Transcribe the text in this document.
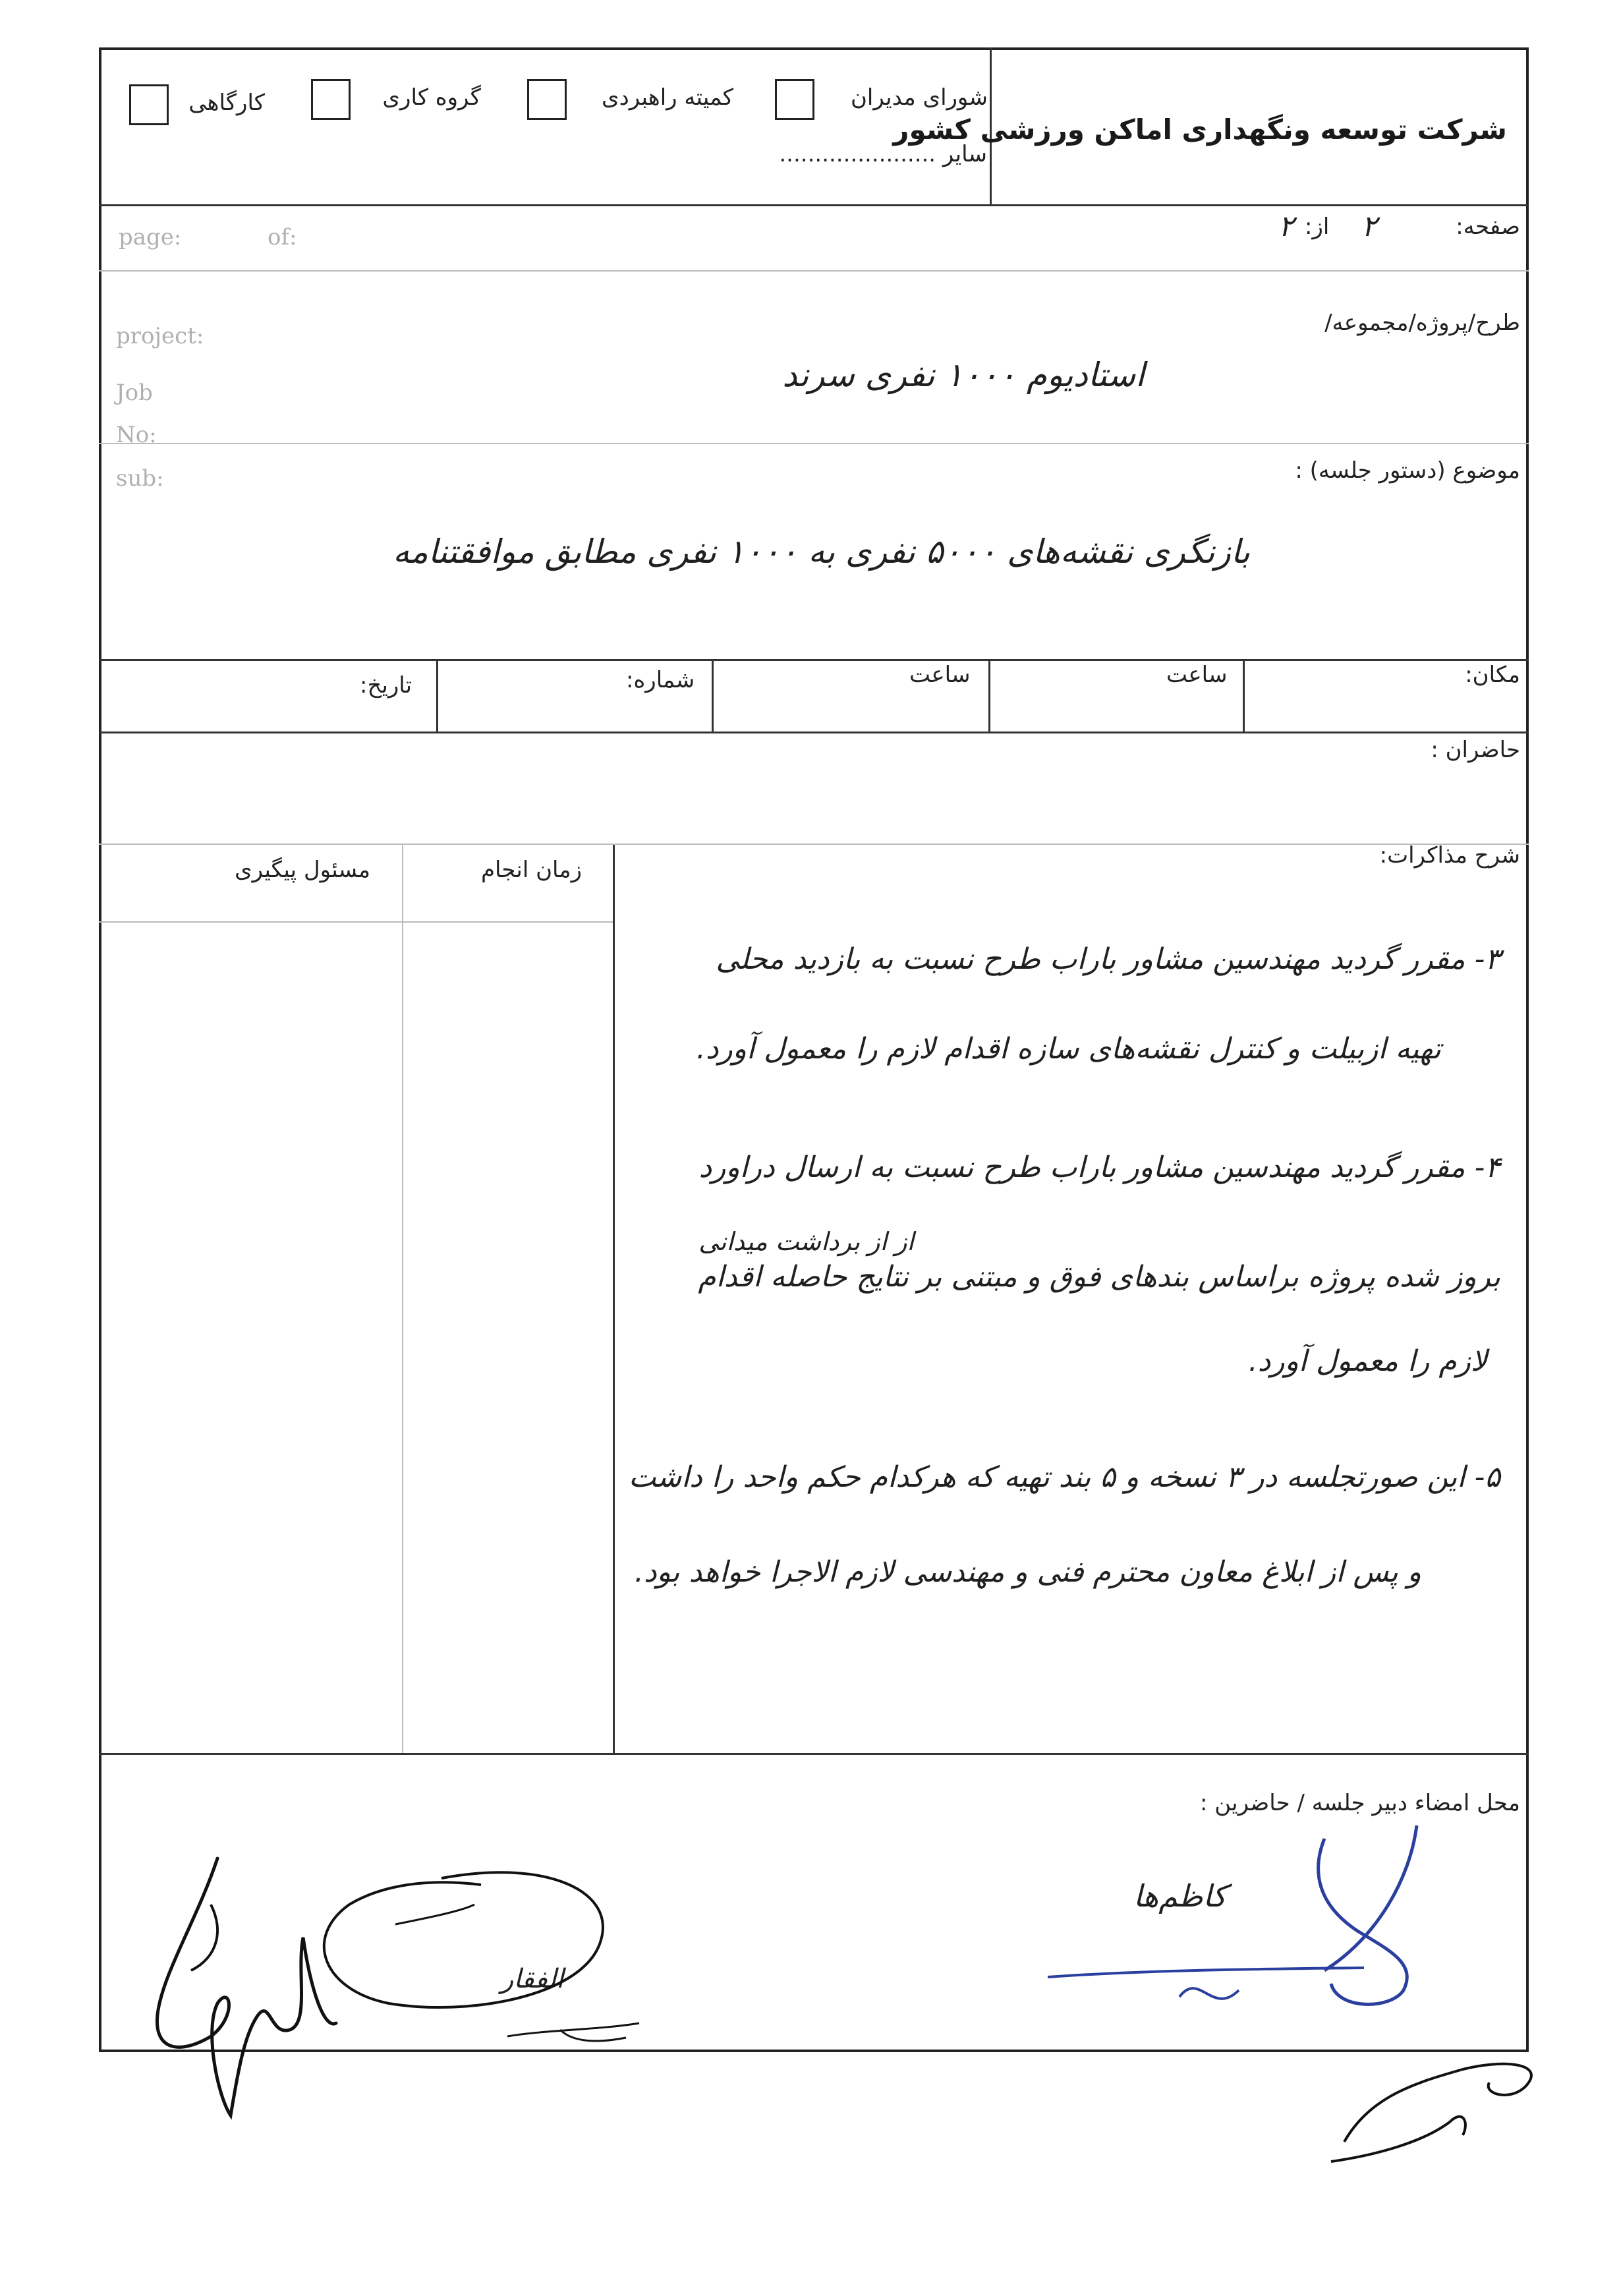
شرکت توسعه ونگهداری اماکن ورزشی کشور
شورای مدیران
کمیته راهبردی
گروه کاری
کارگاهی
سایر ......................
صفحه:
۲
از:
۲
page:	of:
طرح/پروژه/مجموعه/
project:
Job
No:
استادیوم ۱۰۰۰ نفری سرند
موضوع (دستور جلسه) :
sub:
بازنگری نقشه‌های ۵۰۰۰ نفری به ۱۰۰۰ نفری مطابق موافقتنامه
مکان:
ساعت
ساعت
شماره:
تاریخ:
حاضران :
شرح مذاکرات:
زمان انجام
مسئول پیگیری
۳- مقرر گردید مهندسین مشاور باراب طرح نسبت به بازدید محلی
تهیه ازبیلت و کنترل نقشه‌های سازه اقدام لازم را معمول آورد.
۴- مقرر گردید مهندسین مشاور باراب طرح نسبت به ارسال دراورد
از از برداشت میدانی
بروز شده پروژه براساس بندهای فوق و مبتنی بر نتایج حاصله اقدام
لازم را معمول آورد.
۵- این صورتجلسه در ۳ نسخه و ۵ بند تهیه که هرکدام حکم واحد را داشت
و پس از ابلاغ معاون محترم فنی و مهندسی لازم الاجرا خواهد بود.
محل امضاء دبیر جلسه / حاضرین :
کاظم‌ها
الفقار
